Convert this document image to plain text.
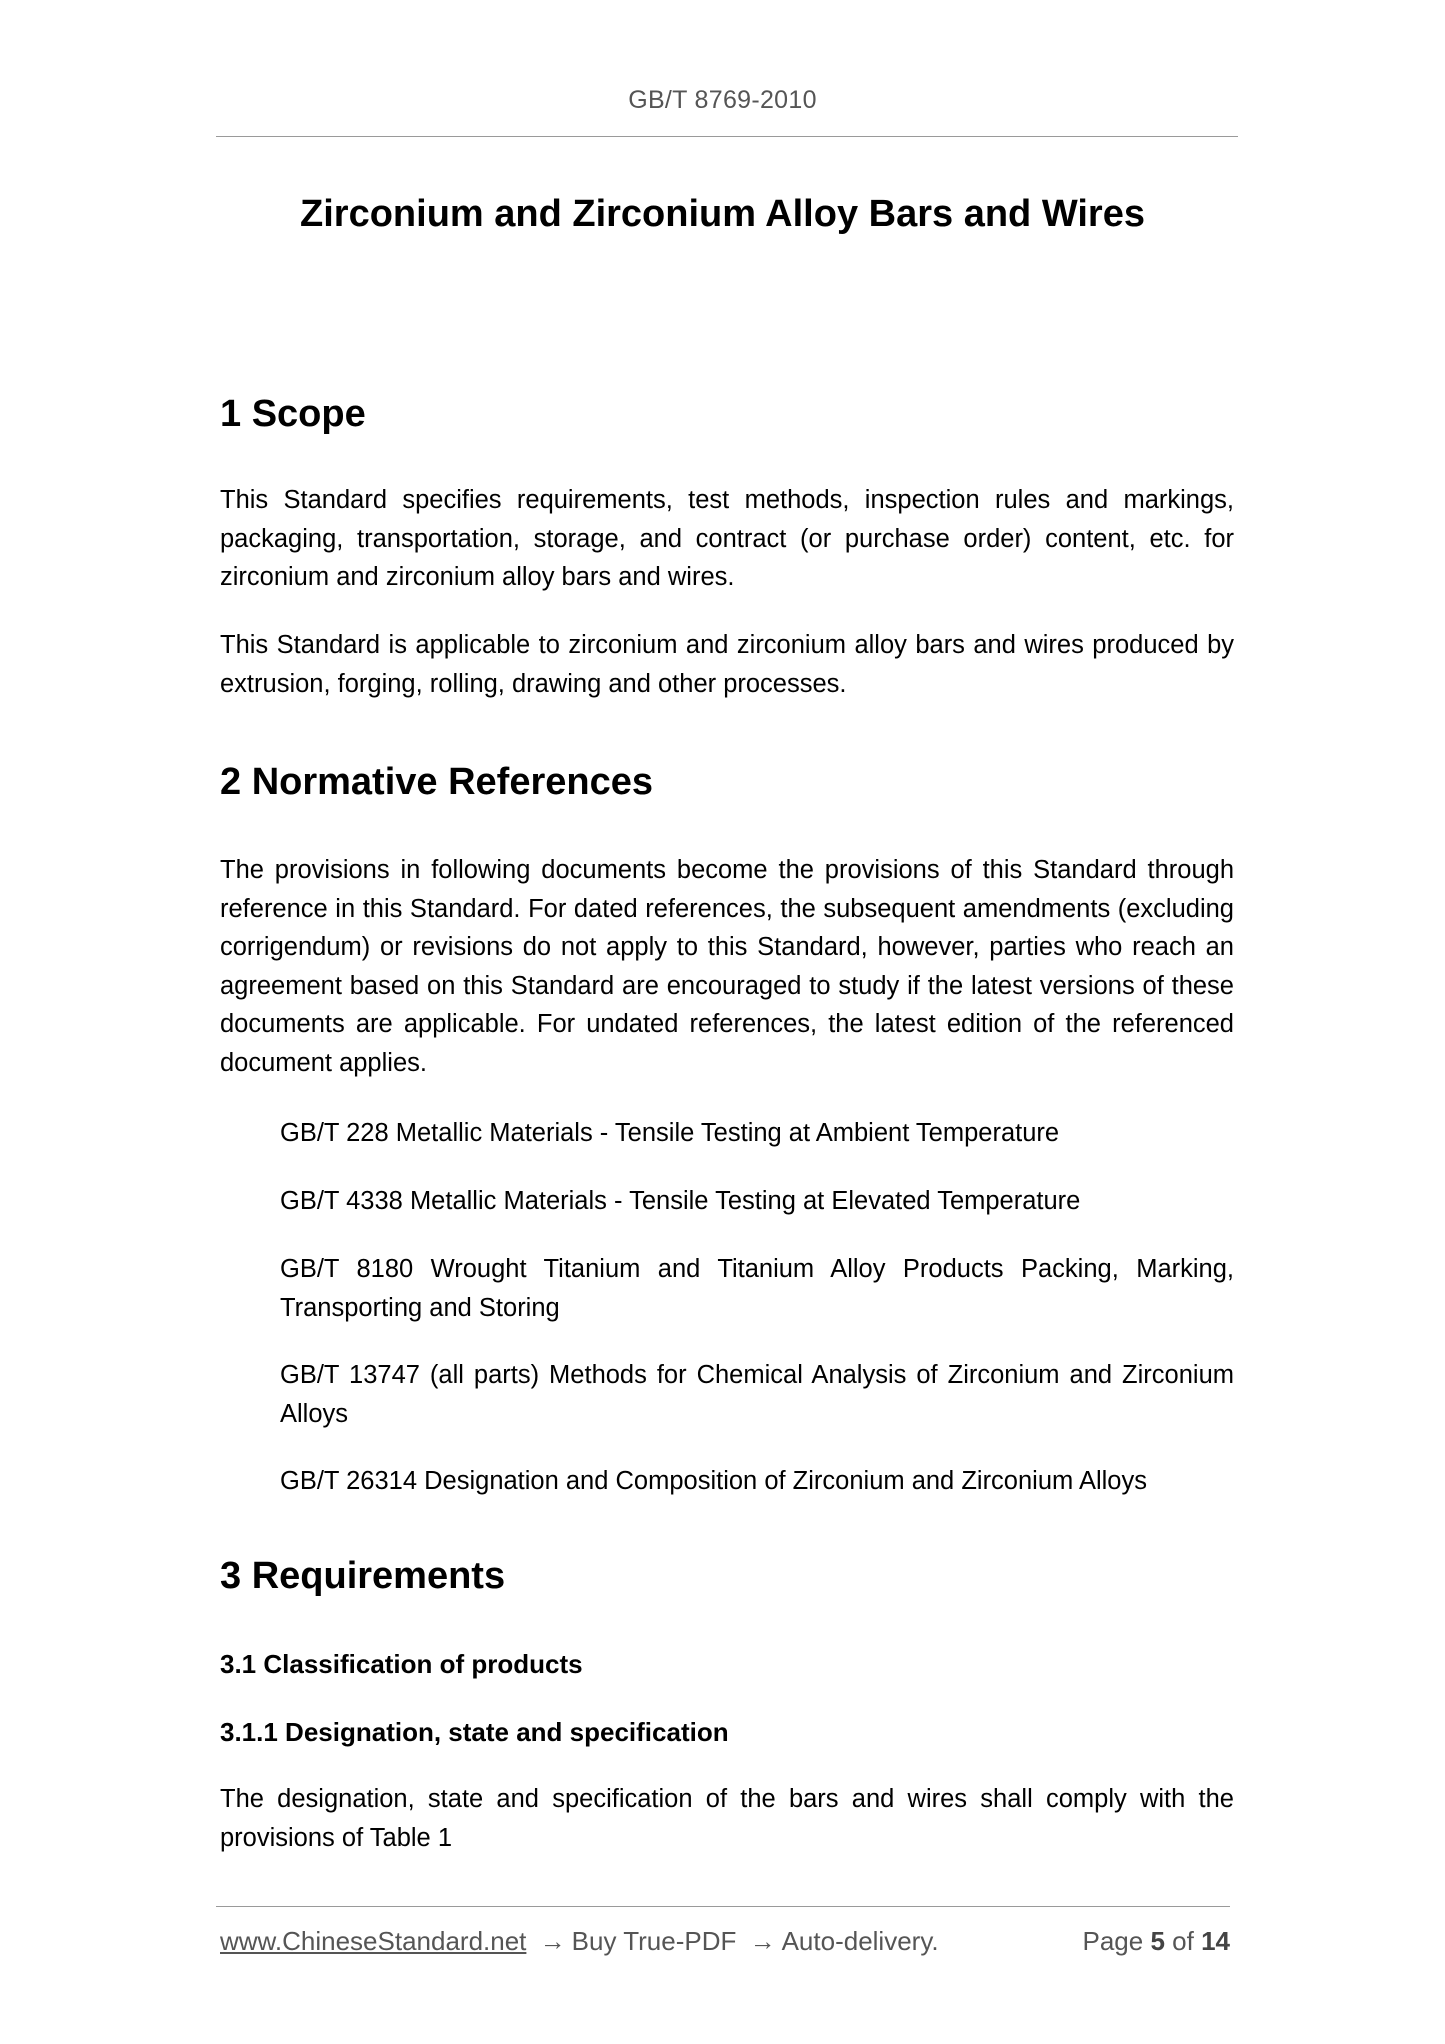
GB/T 8769-2010
Zirconium and Zirconium Alloy Bars and Wires
1 Scope

This Standard specifies requirements, test methods, inspection rules and markings, packaging, transportation, storage, and contract (or purchase order) content, etc. for zirconium and zirconium alloy bars and wires.

This Standard is applicable to zirconium and zirconium alloy bars and wires produced by extrusion, forging, rolling, drawing and other processes.

2 Normative References

The provisions in following documents become the provisions of this Standard through reference in this Standard. For dated references, the subsequent amendments (excluding corrigendum) or revisions do not apply to this Standard, however, parties who reach an agreement based on this Standard are encouraged to study if the latest versions of these documents are applicable. For undated references, the latest edition of the referenced document applies.

GB/T 228 Metallic Materials - Tensile Testing at Ambient Temperature

GB/T 4338 Metallic Materials - Tensile Testing at Elevated Temperature

GB/T 8180 Wrought Titanium and Titanium Alloy Products Packing, Marking, Transporting and Storing

GB/T 13747 (all parts) Methods for Chemical Analysis of Zirconium and Zirconium Alloys

GB/T 26314 Designation and Composition of Zirconium and Zirconium Alloys

3 Requirements
3.1 Classification of products
3.1.1 Designation, state and specification

The designation, state and specification of the bars and wires shall comply with the provisions of Table 1

www.ChineseStandard.net → Buy True-PDF → Auto-delivery.	Page 5 of 14
